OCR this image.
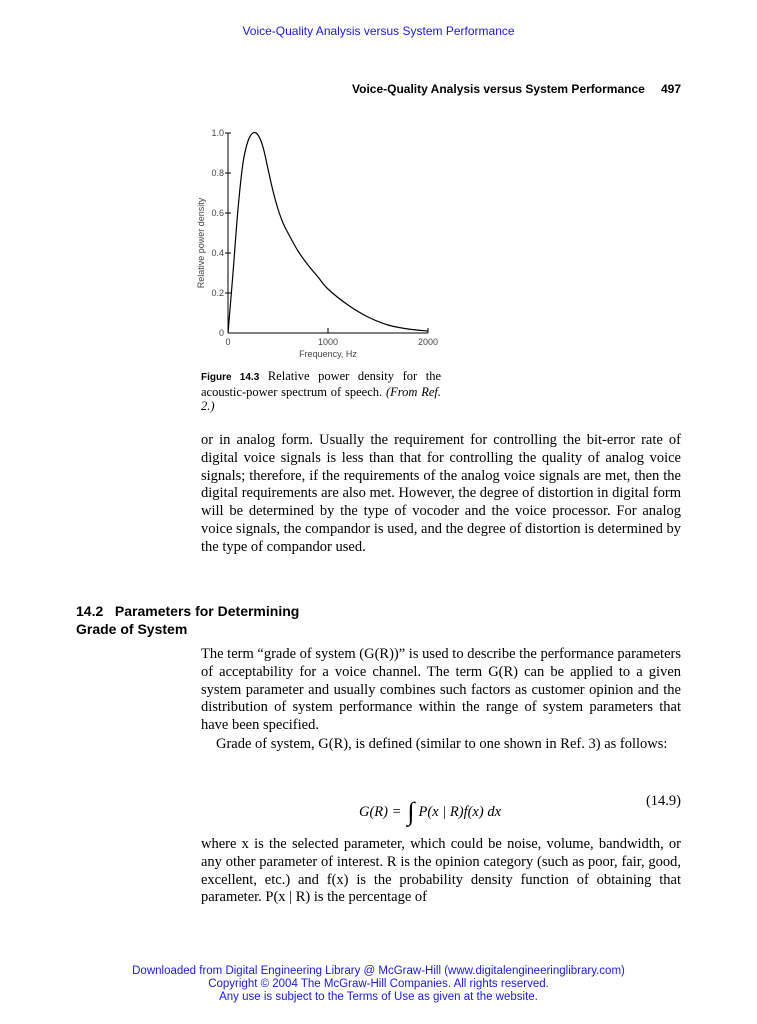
Voice-Quality Analysis versus System Performance
Voice-Quality Analysis versus System Performance 497
0
0.2
0.4
0.6
0.8
1.0
0	1000	2000
Frequency, Hz
Relative power density
Figure 14.3 Relative power density for the acoustic-power spectrum of speech. (From Ref. 2.)
or in analog form. Usually the requirement for controlling the bit-error rate of digital voice signals is less than that for controlling the quality of analog voice signals; therefore, if the requirements of the analog voice signals are met, then the digital requirements are also met. However, the degree of distortion in digital form will be determined by the type of vocoder and the voice processor. For analog voice signals, the compandor is used, and the degree of distortion is determined by the type of compandor used.
14.2 Parameters for Determining
Grade of System
The term “grade of system (G(R))” is used to describe the performance parameters of acceptability for a voice channel. The term G(R) can be applied to a given system parameter and usually combines such factors as customer opinion and the distribution of system performance within the range of system parameters that have been specified.
Grade of system, G(R), is defined (similar to one shown in Ref. 3) as follows:
G(R) = ∫ P(x | R)f(x) dx
(14.9)
where x is the selected parameter, which could be noise, volume, bandwidth, or any other parameter of interest. R is the opinion category (such as poor, fair, good, excellent, etc.) and f(x) is the probability density function of obtaining that parameter. P(x | R) is the percentage of
Downloaded from Digital Engineering Library @ McGraw-Hill (www.digitalengineeringlibrary.com)
Copyright © 2004 The McGraw-Hill Companies. All rights reserved.
Any use is subject to the Terms of Use as given at the website.
